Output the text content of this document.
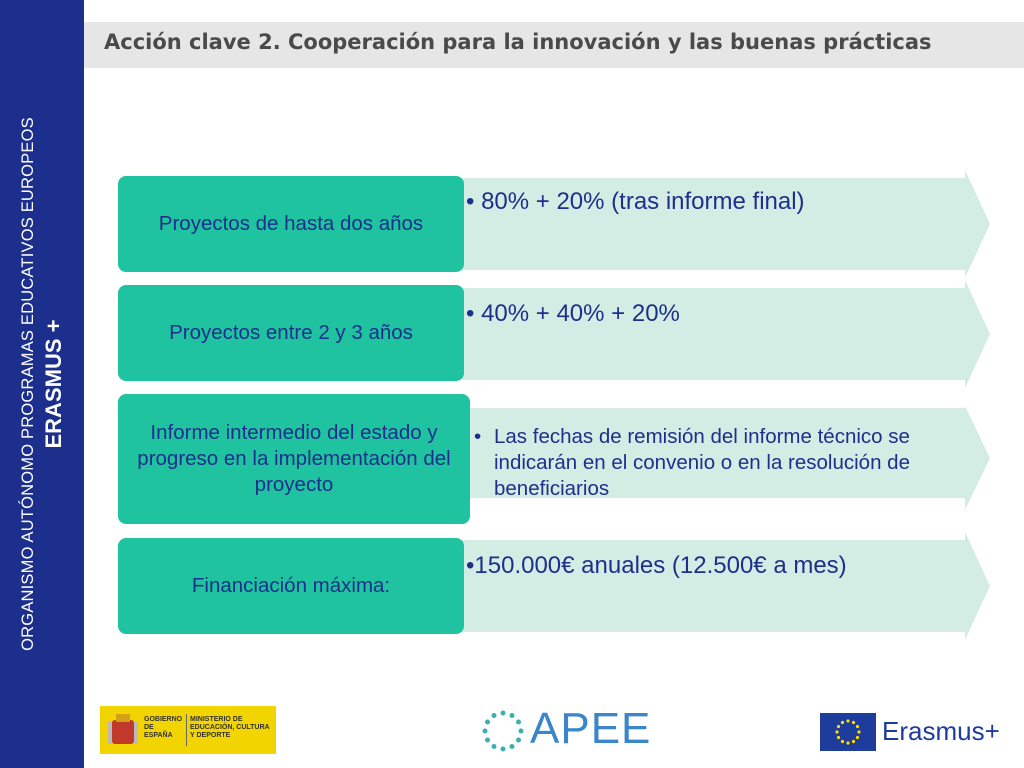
ORGANISMO AUTÓNOMO PROGRAMAS EDUCATIVOS EUROPEOS ERASMUS +
Acción clave 2. Cooperación para la innovación y las buenas prácticas
Proyectos de hasta dos años
• 80% + 20% (tras informe final)
Proyectos entre 2 y 3 años
• 40% + 40% + 20%
Informe intermedio del estado y progreso en la implementación del proyecto
• Las fechas de remisión del informe técnico se indicarán en el convenio o en la resolución de beneficiarios
Financiación máxima:
•150.000€ anuales (12.500€ a mes)
GOBIERNO DE ESPAÑA
MINISTERIO DE EDUCACIÓN, CULTURA Y DEPORTE	APEE	Erasmus+
